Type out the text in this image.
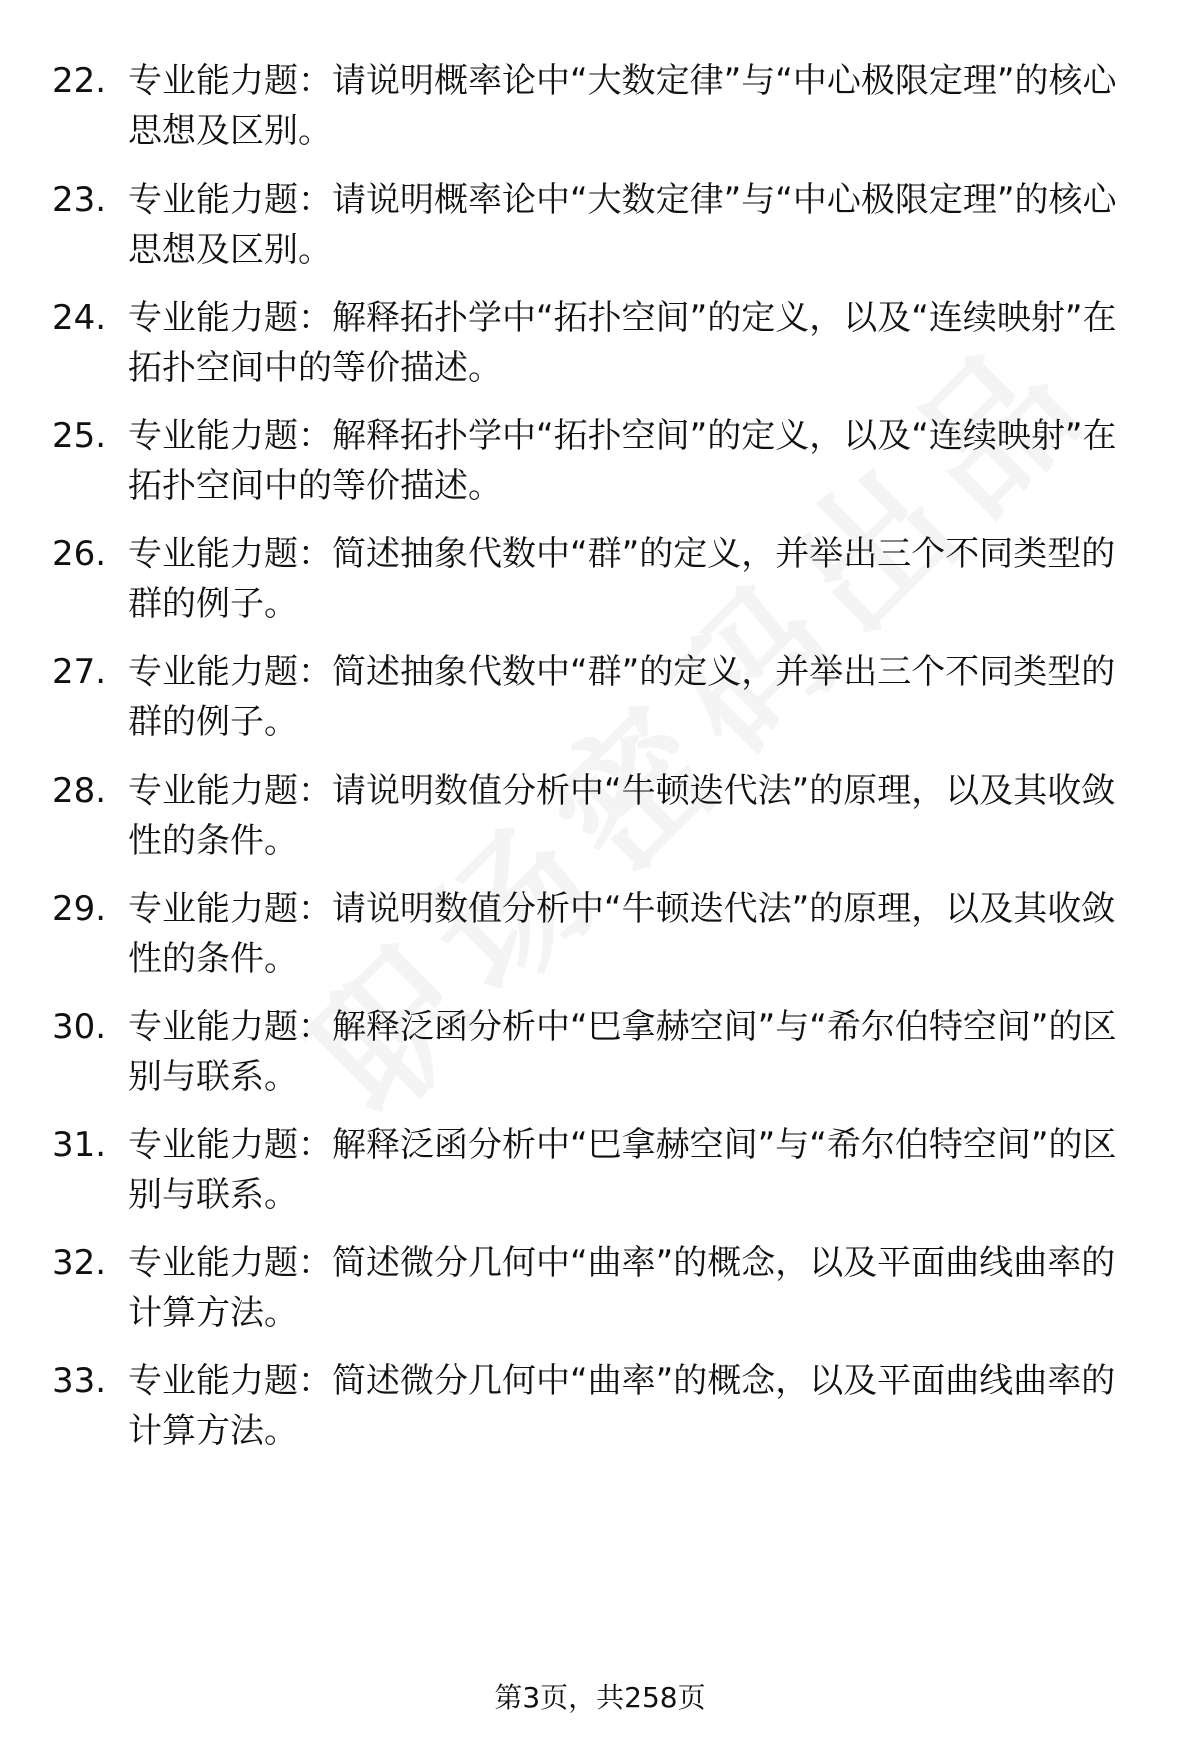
22. 专业能力题：请说明概率论中“大数定律”与“中心极限定理”的核心思想及区别。
23. 专业能力题：请说明概率论中“大数定律”与“中心极限定理”的核心思想及区别。
24. 专业能力题：解释拓扑学中“拓扑空间”的定义，以及“连续映射”在拓扑空间中的等价描述。
25. 专业能力题：解释拓扑学中“拓扑空间”的定义，以及“连续映射”在拓扑空间中的等价描述。
26. 专业能力题：简述抽象代数中“群”的定义，并举出三个不同类型的群的例子。
27. 专业能力题：简述抽象代数中“群”的定义，并举出三个不同类型的群的例子。
28. 专业能力题：请说明数值分析中“牛顿迭代法”的原理，以及其收敛性的条件。
29. 专业能力题：请说明数值分析中“牛顿迭代法”的原理，以及其收敛性的条件。
30. 专业能力题：解释泛函分析中“巴拿赫空间”与“希尔伯特空间”的区别与联系。
31. 专业能力题：解释泛函分析中“巴拿赫空间”与“希尔伯特空间”的区别与联系。
32. 专业能力题：简述微分几何中“曲率”的概念，以及平面曲线曲率的计算方法。
33. 专业能力题：简述微分几何中“曲率”的概念，以及平面曲线曲率的计算方法。
第3页，共258页
